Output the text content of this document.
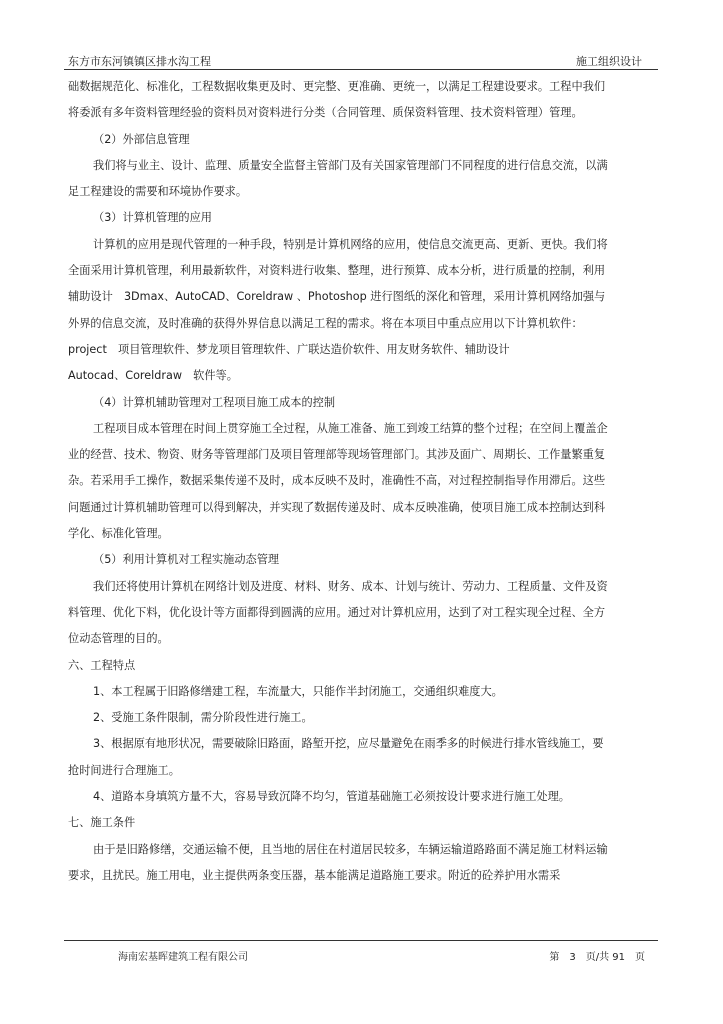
东方市东河镇镇区排水沟工程	施工组织设计

础数据规范化、标准化，工程数据收集更及时、更完整、更准确、更统一，以满足工程建设要求。工程中我们将委派有多年资料管理经验的资料员对资料进行分类（合同管理、质保资料管理、技术资料管理）管理。

（2）外部信息管理

我们将与业主、设计、监理、质量安全监督主管部门及有关国家管理部门不同程度的进行信息交流，以满足工程建设的需要和环境协作要求。

（3）计算机管理的应用

计算机的应用是现代管理的一种手段，特别是计算机网络的应用，使信息交流更高、更新、更快。我们将全面采用计算机管理，利用最新软件，对资料进行收集、整理，进行预算、成本分析，进行质量的控制，利用辅助设计　3Dmax、AutoCAD、Coreldraw 、Photoshop 进行图纸的深化和管理，采用计算机网络加强与外界的信息交流，及时准确的获得外界信息以满足工程的需求。将在本项目中重点应用以下计算机软件：project　项目管理软件、梦龙项目管理软件、广联达造价软件、用友财务软件、辅助设计　　　　　　Autocad、Coreldraw　软件等。

（4）计算机辅助管理对工程项目施工成本的控制

工程项目成本管理在时间上贯穿施工全过程，从施工准备、施工到竣工结算的整个过程；在空间上覆盖企业的经营、技术、物资、财务等管理部门及项目管理部等现场管理部门。其涉及面广、周期长、工作量繁重复杂。若采用手工操作，数据采集传递不及时，成本反映不及时，准确性不高，对过程控制指导作用滞后。这些问题通过计算机辅助管理可以得到解决，并实现了数据传递及时、成本反映准确，使项目施工成本控制达到科学化、标准化管理。

（5）利用计算机对工程实施动态管理

我们还将使用计算机在网络计划及进度、材料、财务、成本、计划与统计、劳动力、工程质量、文件及资料管理、优化下料，优化设计等方面都得到圆满的应用。通过对计算机应用，达到了对工程实现全过程、全方位动态管理的目的。

六、工程特点

1、本工程属于旧路修缮建工程，车流量大，只能作半封闭施工，交通组织难度大。

2、受施工条件限制，需分阶段性进行施工。

3、根据原有地形状况，需要破除旧路面，路堑开挖，应尽量避免在雨季多的时候进行排水管线施工，要抢时间进行合理施工。

4、道路本身填筑方量不大，容易导致沉降不均匀，管道基础施工必须按设计要求进行施工处理。

七、施工条件

由于是旧路修缮，交通运输不便，且当地的居住在村道居民较多，车辆运输道路路面不满足施工材料运输要求，且扰民。施工用电，业主提供两条变压器，基本能满足道路施工要求。附近的砼养护用水需采

海南宏基晖建筑工程有限公司	第　3　页/共 91　页
